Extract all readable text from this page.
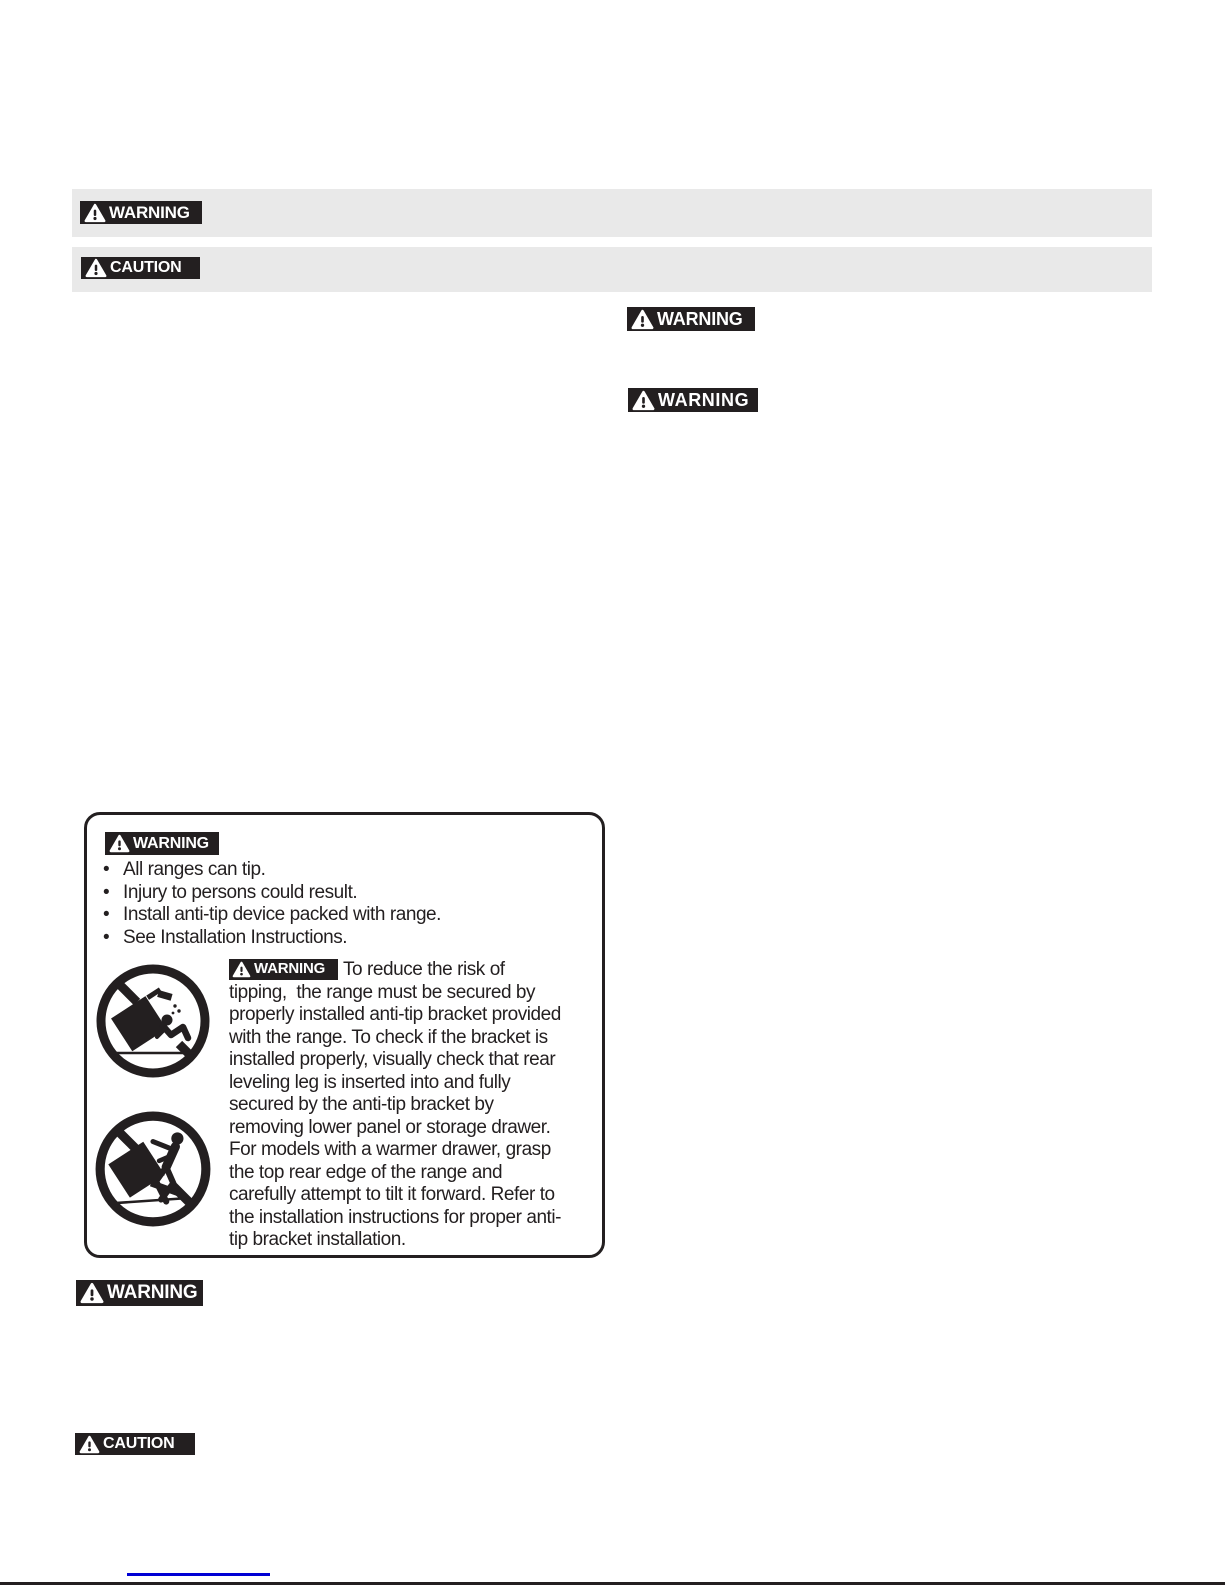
WARNING
CAUTION
WARNING
WARNING
WARNING
• All ranges can tip.
• Injury to persons could result.
• Install anti-tip device packed with range.
• See Installation Instructions.
WARNING To reduce the risk of
tipping,  the range must be secured by
properly installed anti-tip bracket provided
with the range. To check if the bracket is
installed properly, visually check that rear
leveling leg is inserted into and fully
secured by the anti-tip bracket by
removing lower panel or storage drawer.
For models with a warmer drawer, grasp
the top rear edge of the range and
carefully attempt to tilt it forward. Refer to
the installation instructions for proper anti-
tip bracket installation.
WARNING
CAUTION
